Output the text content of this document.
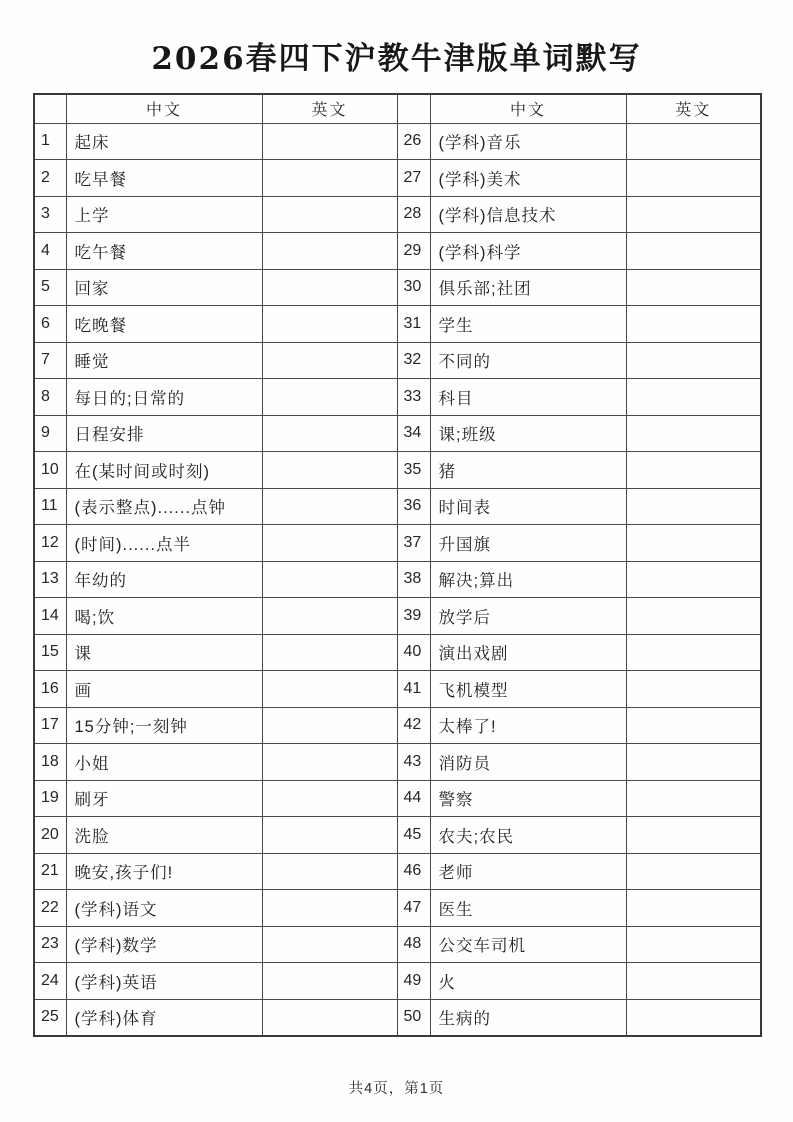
2026春四下沪教牛津版单词默写
	中文	英文		中文	英文
1	起床		26	(学科)音乐	
2	吃早餐		27	(学科)美术	
3	上学		28	(学科)信息技术	
4	吃午餐		29	(学科)科学	
5	回家		30	俱乐部;社团	
6	吃晚餐		31	学生	
7	睡觉		32	不同的	
8	每日的;日常的		33	科目	
9	日程安排		34	课;班级	
10	在(某时间或时刻)		35	猪	
11	(表示整点)......点钟		36	时间表	
12	(时间)......点半		37	升国旗	
13	年幼的		38	解决;算出	
14	喝;饮		39	放学后	
15	课		40	演出戏剧	
16	画		41	飞机模型	
17	15分钟;一刻钟		42	太棒了!	
18	小姐		43	消防员	
19	刷牙		44	警察	
20	洗脸		45	农夫;农民	
21	晚安,孩子们!		46	老师	
22	(学科)语文		47	医生	
23	(学科)数学		48	公交车司机	
24	(学科)英语		49	火	
25	(学科)体育		50	生病的	
共4页，第1页
